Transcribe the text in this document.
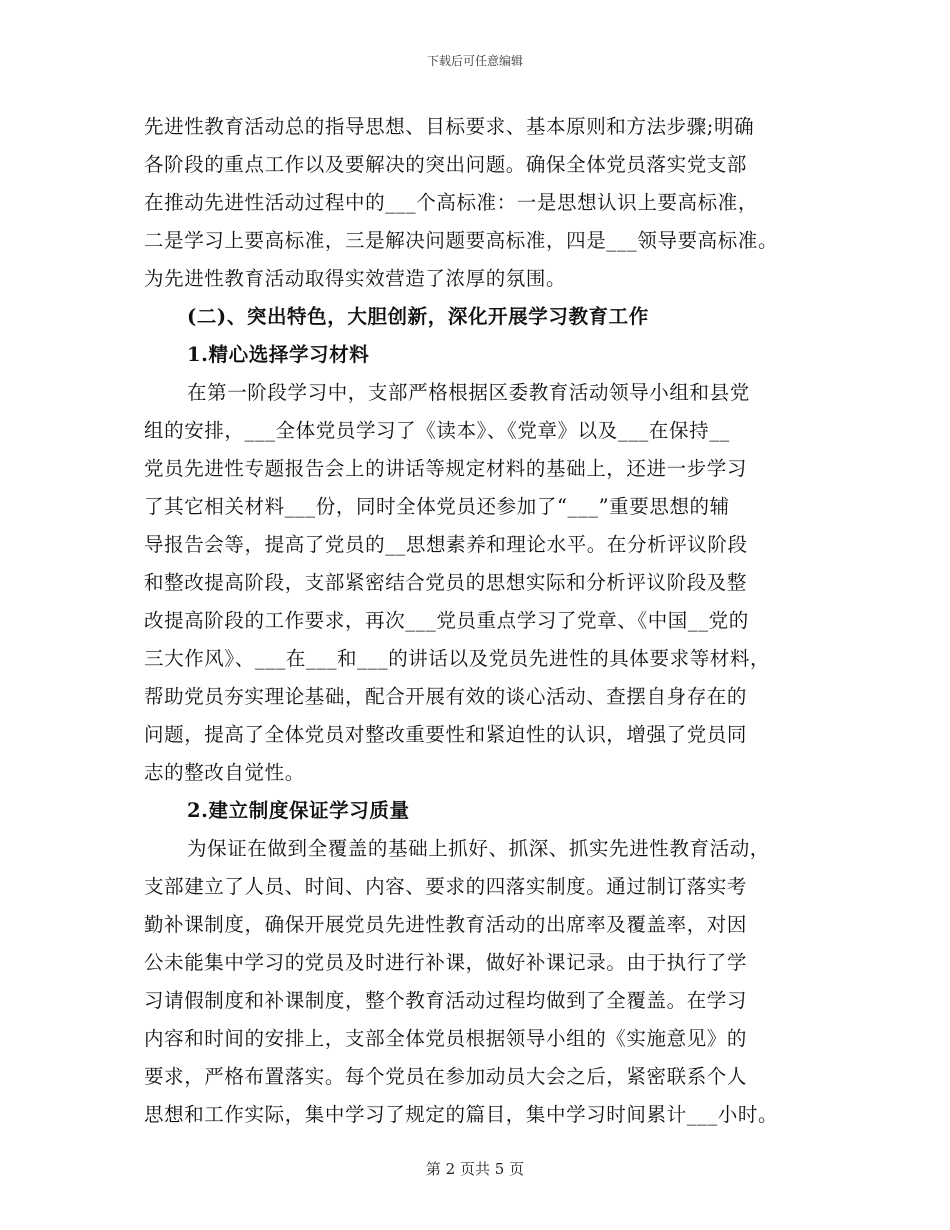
下载后可任意编辑
先进性教育活动总的指导思想、目标要求、基本原则和方法步骤;明确
各阶段的重点工作以及要解决的突出问题。确保全体党员落实党支部
在推动先进性活动过程中的___个高标准：一是思想认识上要高标准，
二是学习上要高标准，三是解决问题要高标准，四是___领导要高标准。
为先进性教育活动取得实效营造了浓厚的氛围。
(二)、突出特色，大胆创新，深化开展学习教育工作
1.精心选择学习材料
在第一阶段学习中，支部严格根据区委教育活动领导小组和县党
组的安排，___全体党员学习了《读本》、《党章》以及___在保持__
党员先进性专题报告会上的讲话等规定材料的基础上，还进一步学习
了其它相关材料___份，同时全体党员还参加了“___”重要思想的辅
导报告会等，提高了党员的__思想素养和理论水平。在分析评议阶段
和整改提高阶段，支部紧密结合党员的思想实际和分析评议阶段及整
改提高阶段的工作要求，再次___党员重点学习了党章、《中国__党的
三大作风》、___在___和___的讲话以及党员先进性的具体要求等材料，
帮助党员夯实理论基础，配合开展有效的谈心活动、查摆自身存在的
问题，提高了全体党员对整改重要性和紧迫性的认识，增强了党员同
志的整改自觉性。
2.建立制度保证学习质量
为保证在做到全覆盖的基础上抓好、抓深、抓实先进性教育活动，
支部建立了人员、时间、内容、要求的四落实制度。通过制订落实考
勤补课制度，确保开展党员先进性教育活动的出席率及覆盖率，对因
公未能集中学习的党员及时进行补课，做好补课记录。由于执行了学
习请假制度和补课制度，整个教育活动过程均做到了全覆盖。在学习
内容和时间的安排上，支部全体党员根据领导小组的《实施意见》的
要求，严格布置落实。每个党员在参加动员大会之后，紧密联系个人
思想和工作实际，集中学习了规定的篇目，集中学习时间累计___小时。
第 2 页共 5 页
